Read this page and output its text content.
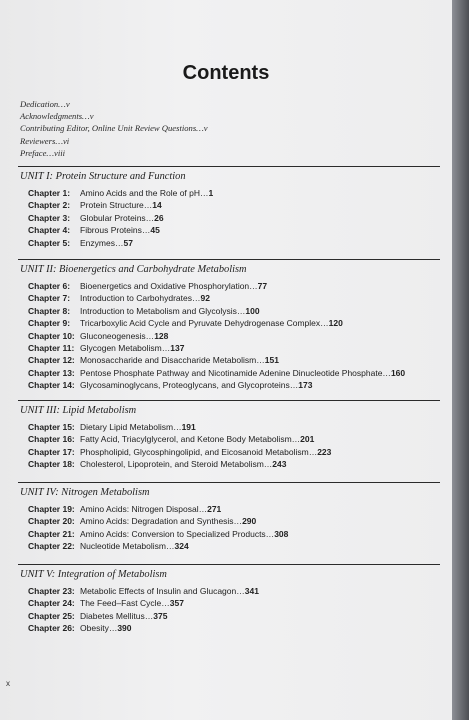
Contents
Dedication…v
Acknowledgments…v
Contributing Editor, Online Unit Review Questions…v
Reviewers…vi
Preface…viii
UNIT I: Protein Structure and Function
Chapter 1: Amino Acids and the Role of pH…1
Chapter 2: Protein Structure…14
Chapter 3: Globular Proteins…26
Chapter 4: Fibrous Proteins…45
Chapter 5: Enzymes…57
UNIT II: Bioenergetics and Carbohydrate Metabolism
Chapter 6: Bioenergetics and Oxidative Phosphorylation…77
Chapter 7: Introduction to Carbohydrates…92
Chapter 8: Introduction to Metabolism and Glycolysis…100
Chapter 9: Tricarboxylic Acid Cycle and Pyruvate Dehydrogenase Complex…120
Chapter 10: Gluconeogenesis…128
Chapter 11: Glycogen Metabolism…137
Chapter 12: Monosaccharide and Disaccharide Metabolism…151
Chapter 13: Pentose Phosphate Pathway and Nicotinamide Adenine Dinucleotide Phosphate…160
Chapter 14: Glycosaminoglycans, Proteoglycans, and Glycoproteins…173
UNIT III: Lipid Metabolism
Chapter 15: Dietary Lipid Metabolism…191
Chapter 16: Fatty Acid, Triacylglycerol, and Ketone Body Metabolism…201
Chapter 17: Phospholipid, Glycosphingolipid, and Eicosanoid Metabolism…223
Chapter 18: Cholesterol, Lipoprotein, and Steroid Metabolism…243
UNIT IV: Nitrogen Metabolism
Chapter 19: Amino Acids: Nitrogen Disposal…271
Chapter 20: Amino Acids: Degradation and Synthesis…290
Chapter 21: Amino Acids: Conversion to Specialized Products…308
Chapter 22: Nucleotide Metabolism…324
UNIT V: Integration of Metabolism
Chapter 23: Metabolic Effects of Insulin and Glucagon…341
Chapter 24: The Feed–Fast Cycle…357
Chapter 25: Diabetes Mellitus…375
Chapter 26: Obesity…390
x
